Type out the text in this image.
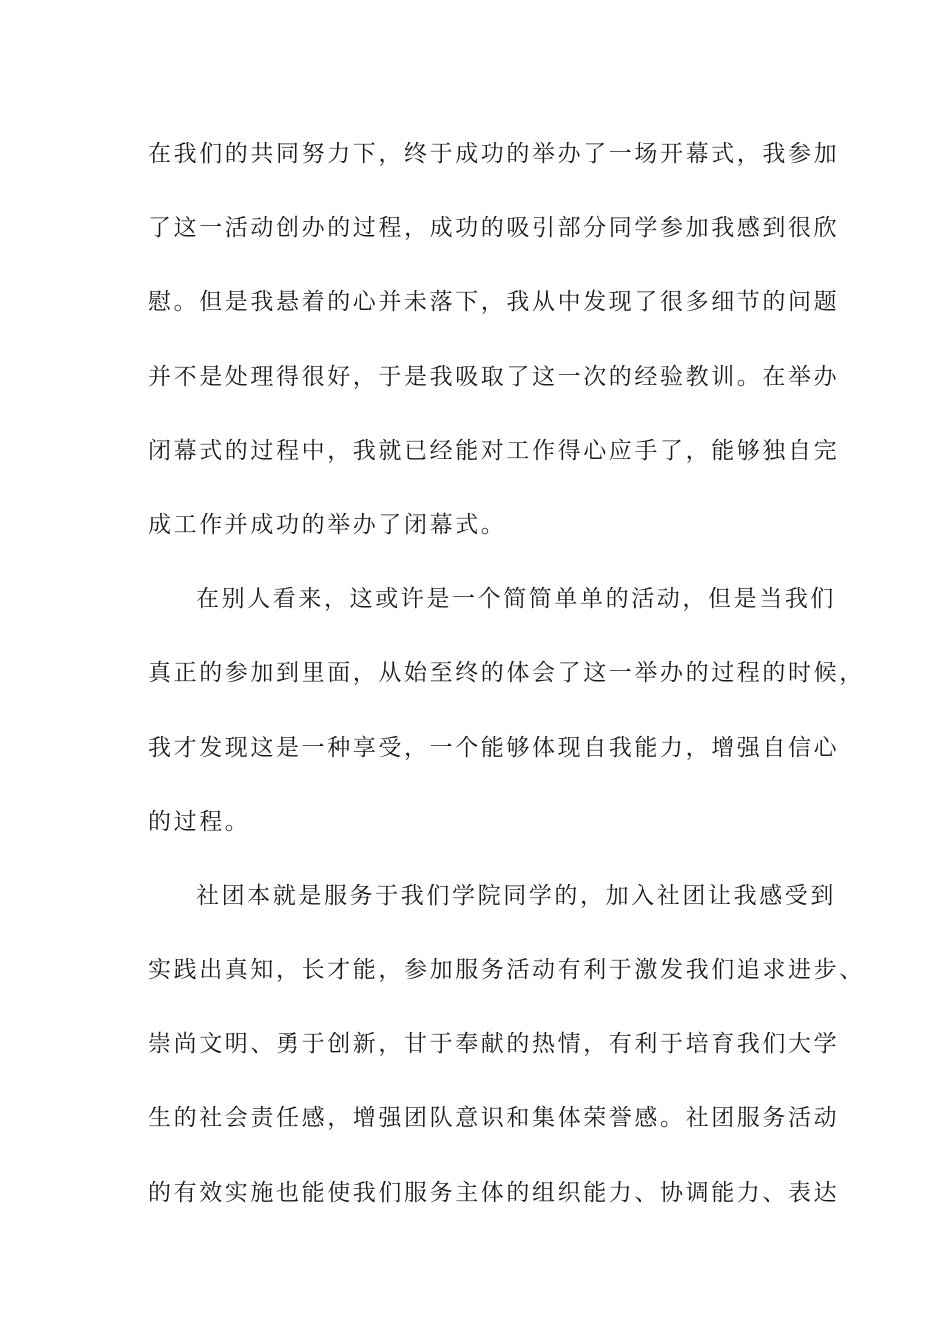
在我们的共同努力下，终于成功的举办了一场开幕式，我参加
了这一活动创办的过程，成功的吸引部分同学参加我感到很欣
慰。但是我悬着的心并未落下，我从中发现了很多细节的问题
并不是处理得很好，于是我吸取了这一次的经验教训。在举办
闭幕式的过程中，我就已经能对工作得心应手了，能够独自完
成工作并成功的举办了闭幕式。
在别人看来，这或许是一个简简单单的活动，但是当我们
真正的参加到里面，从始至终的体会了这一举办的过程的时候，
我才发现这是一种享受，一个能够体现自我能力，增强自信心
的过程。
社团本就是服务于我们学院同学的，加入社团让我感受到
实践出真知，长才能，参加服务活动有利于激发我们追求进步、
崇尚文明、勇于创新，甘于奉献的热情，有利于培育我们大学
生的社会责任感，增强团队意识和集体荣誉感。社团服务活动
的有效实施也能使我们服务主体的组织能力、协调能力、表达
